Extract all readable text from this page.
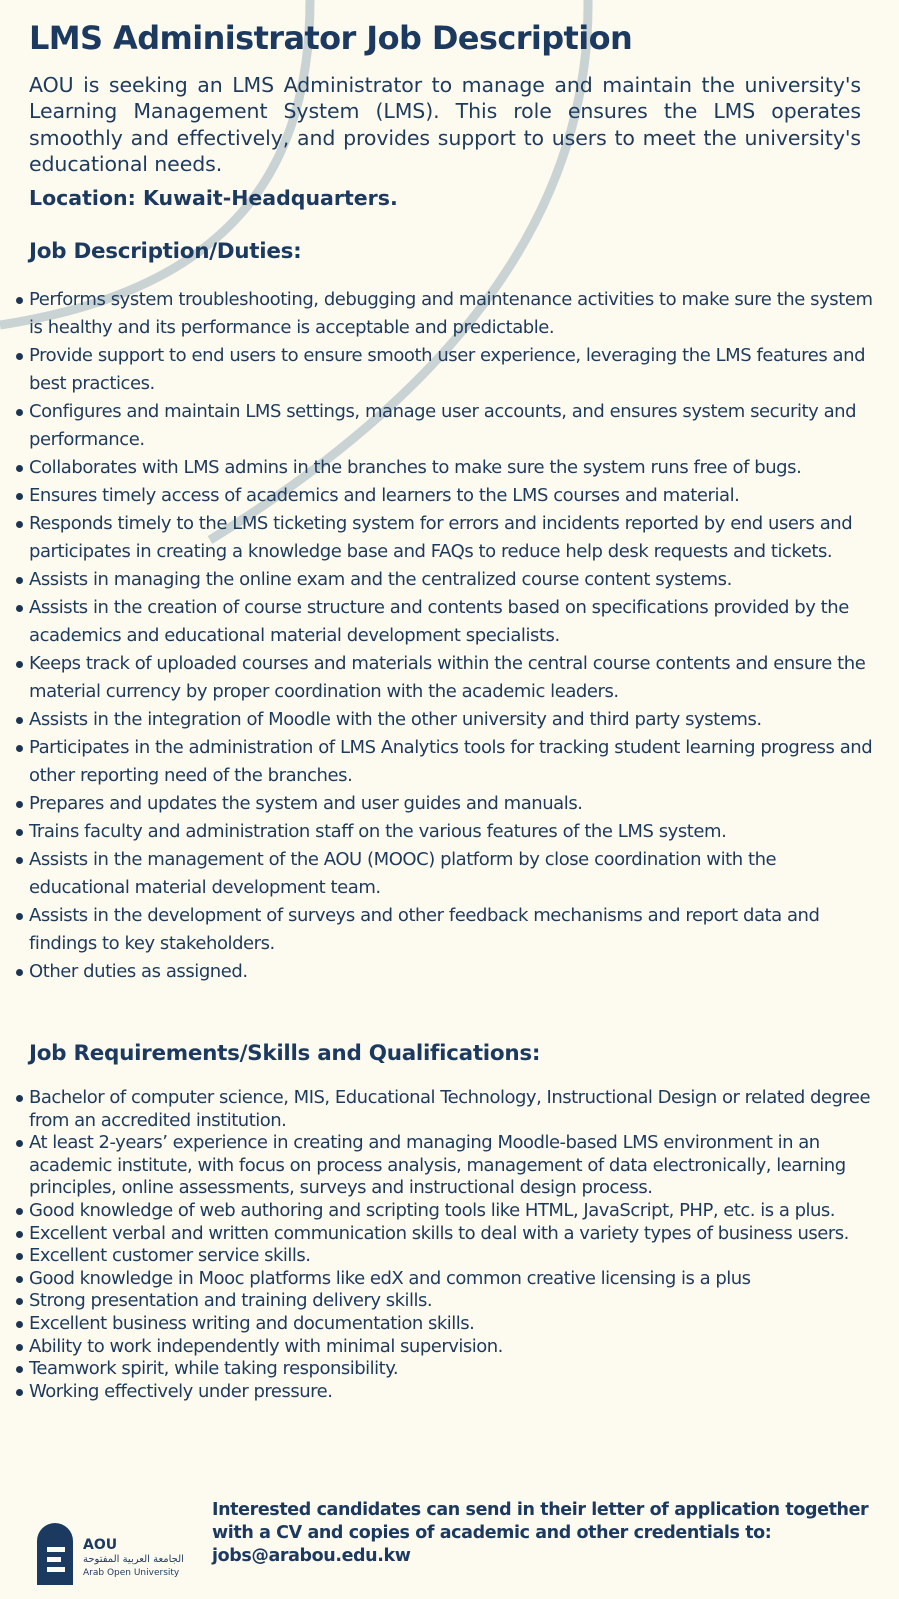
LMS Administrator Job Description

AOU is seeking an LMS Administrator to manage and maintain the university's Learning Management System (LMS). This role ensures the LMS operates smoothly and effectively, and provides support to users to meet the university's educational needs.

Location: Kuwait-Headquarters.

Job Description/Duties:
Performs system troubleshooting, debugging and maintenance activities to make sure the system is healthy and its performance is acceptable and predictable.
Provide support to end users to ensure smooth user experience, leveraging the LMS features and best practices.
Configures and maintain LMS settings, manage user accounts, and ensures system security and performance.
Collaborates with LMS admins in the branches to make sure the system runs free of bugs.
Ensures timely access of academics and learners to the LMS courses and material.
Responds timely to the LMS ticketing system for errors and incidents reported by end users and participates in creating a knowledge base and FAQs to reduce help desk requests and tickets.
Assists in managing the online exam and the centralized course content systems.
Assists in the creation of course structure and contents based on specifications provided by the academics and educational material development specialists.
Keeps track of uploaded courses and materials within the central course contents and ensure the material currency by proper coordination with the academic leaders.
Assists in the integration of Moodle with the other university and third party systems.
Participates in the administration of LMS Analytics tools for tracking student learning progress and other reporting need of the branches.
Prepares and updates the system and user guides and manuals.
Trains faculty and administration staff on the various features of the LMS system.
Assists in the management of the AOU (MOOC) platform by close coordination with the educational material development team.
Assists in the development of surveys and other feedback mechanisms and report data and findings to key stakeholders.
Other duties as assigned.
Job Requirements/Skills and Qualifications:
Bachelor of computer science, MIS, Educational Technology, Instructional Design or related degree from an accredited institution.
At least 2-years’ experience in creating and managing Moodle-based LMS environment in an academic institute, with focus on process analysis, management of data electronically, learning principles, online assessments, surveys and instructional design process.
Good knowledge of web authoring and scripting tools like HTML, JavaScript, PHP, etc. is a plus.
Excellent verbal and written communication skills to deal with a variety types of business users.
Excellent customer service skills.
Good knowledge in Mooc platforms like edX and common creative licensing is a plus
Strong presentation and training delivery skills.
Excellent business writing and documentation skills.
Ability to work independently with minimal supervision.
Teamwork spirit, while taking responsibility.
Working effectively under pressure.
AOU
الجامعة العربية المفتوحة
Arab Open University

Interested candidates can send in their letter of application together with a CV and copies of academic and other credentials to: jobs@arabou.edu.kw
